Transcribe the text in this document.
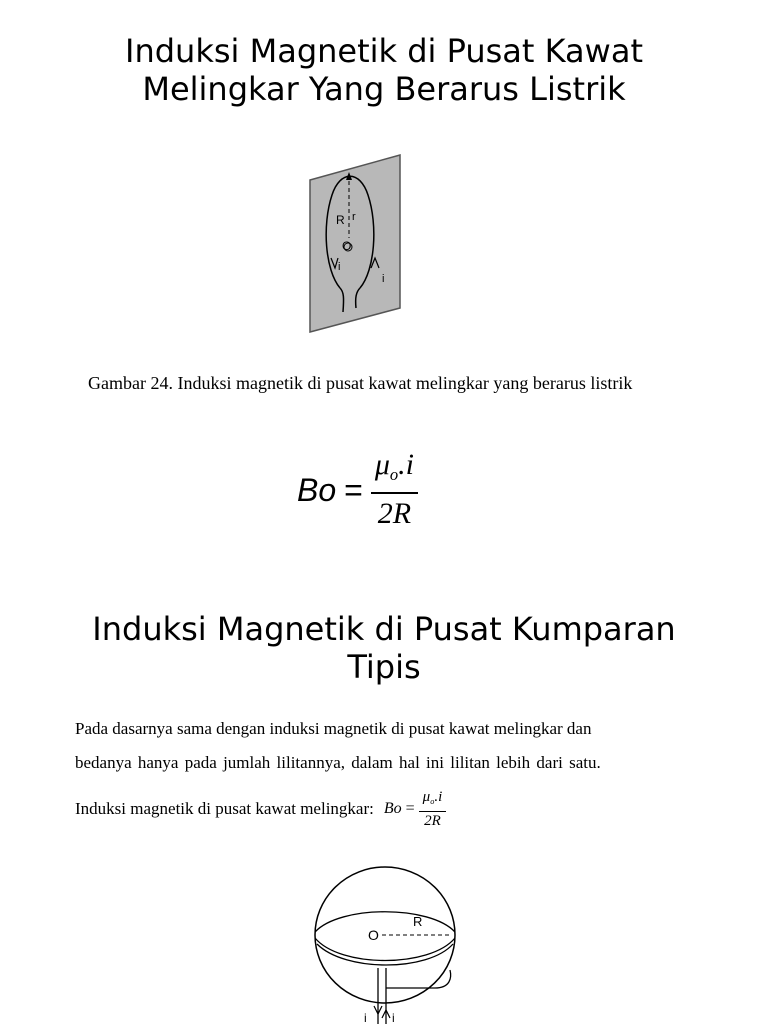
Induksi Magnetik di Pusat Kawat
Melingkar Yang Berarus Listrik
R r
O
i
i
Gambar 24. Induksi magnetik di pusat kawat melingkar yang berarus listrik
$Bo = \frac{\mu_o.i}{2R}$
Induksi Magnetik di Pusat Kumparan
Tipis
Pada dasarnya sama dengan induksi magnetik di pusat kawat melingkar dan
bedanya hanya pada jumlah lilitannya, dalam hal ini lilitan lebih dari satu.
Induksi magnetik di pusat kawat melingkar: $Bo = \frac{\mu_o.i}{2R}$
O
R
i i
